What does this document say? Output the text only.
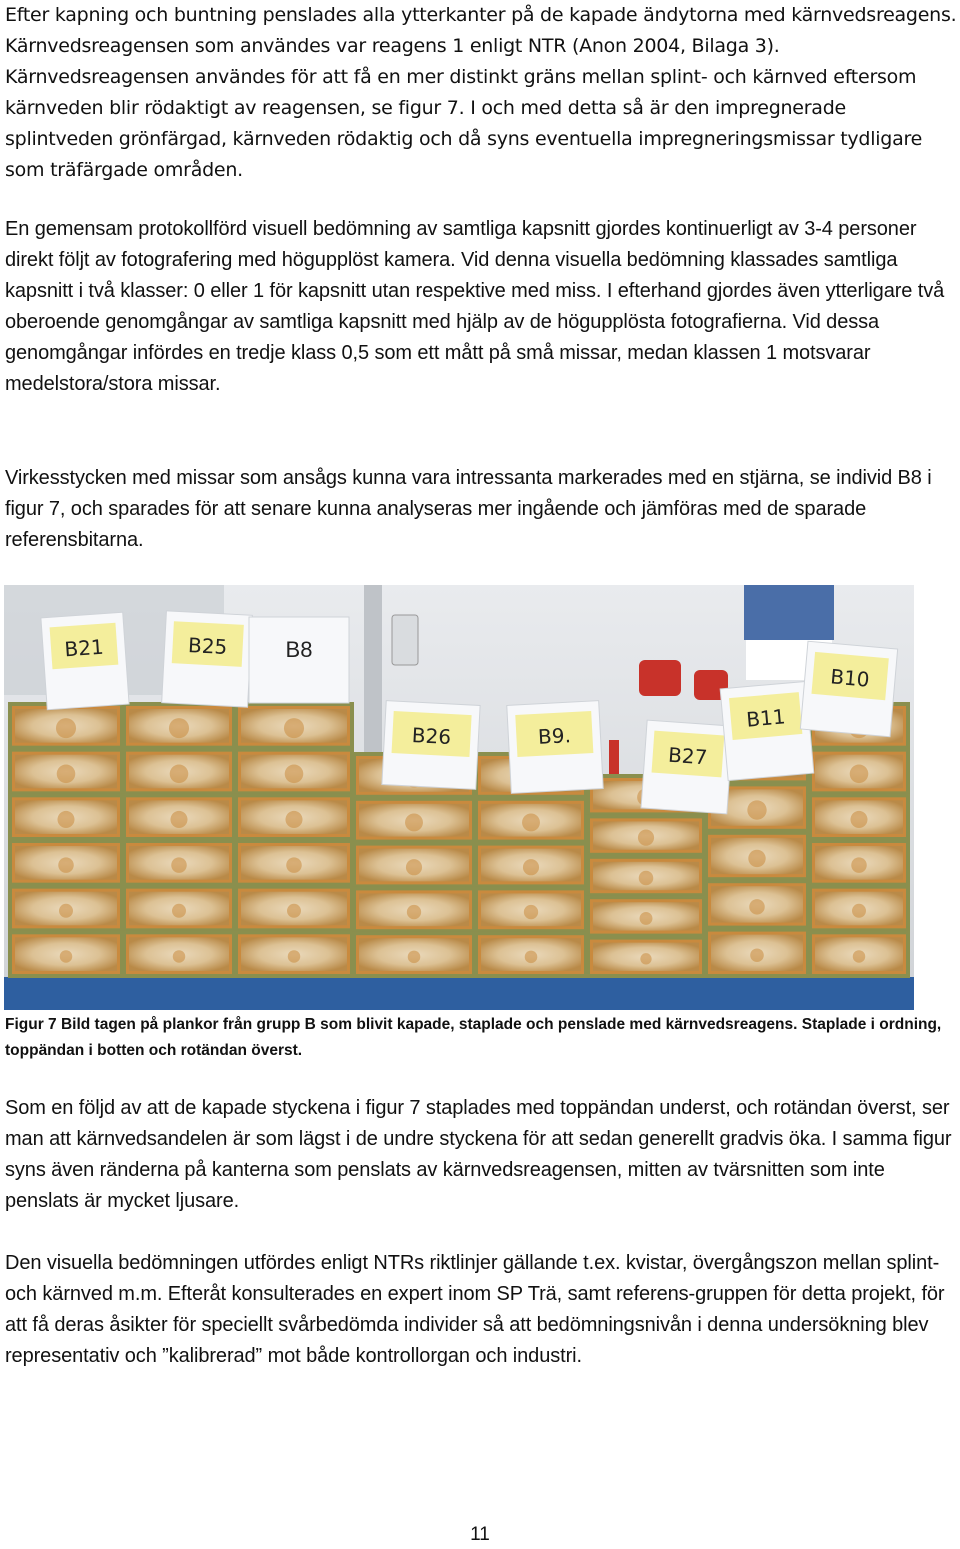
Efter kapning och buntning penslades alla ytterkanter på de kapade ändytorna med kärnvedsreagens. Kärnvedsreagensen som användes var reagens 1 enligt NTR (Anon 2004, Bilaga 3). Kärnvedsreagensen användes för att få en mer distinkt gräns mellan splint- och kärnved eftersom kärnveden blir rödaktigt av reagensen, se figur 7. I och med detta så är den impregnerade splintveden grönfärgad, kärnveden rödaktig och då syns eventuella impregneringsmissar tydligare som träfärgade områden.

En gemensam protokollförd visuell bedömning av samtliga kapsnitt gjordes kontinuerligt av 3-4 personer direkt följt av fotografering med högupplöst kamera. Vid denna visuella bedömning klassades samtliga kapsnitt i två klasser: 0 eller 1 för kapsnitt utan respektive med miss. I efterhand gjordes även ytterligare två oberoende genomgångar av samtliga kapsnitt med hjälp av de högupplösta fotografierna. Vid dessa genomgångar infördes en tredje klass 0,5 som ett mått på små missar, medan klassen 1 motsvarar medelstora/stora missar.

Virkesstycken med missar som ansågs kunna vara intressanta markerades med en stjärna, se individ B8 i figur 7, och sparades för att senare kunna analyseras mer ingående och jämföras med de sparade referensbitarna.

B21	B25	B8
B26	B9.
B27
B11
B10

Figur 7 Bild tagen på plankor från grupp B som blivit kapade, staplade och penslade med kärnvedsreagens. Staplade i ordning, toppändan i botten och rotändan överst.

Som en följd av att de kapade styckena i figur 7 staplades med toppändan underst, och rotändan överst, ser man att kärnvedsandelen är som lägst i de undre styckena för att sedan generellt gradvis öka. I samma figur syns även ränderna på kanterna som penslats av kärnvedsreagensen, mitten av tvärsnitten som inte penslats är mycket ljusare.

Den visuella bedömningen utfördes enligt NTRs riktlinjer gällande t.ex. kvistar, övergångszon mellan splint- och kärnved m.m. Efteråt konsulterades en expert inom SP Trä, samt referens-gruppen för detta projekt, för att få deras åsikter för speciellt svårbedömda individer så att bedömningsnivån i denna undersökning blev representativ och ”kalibrerad” mot både kontrollorgan och industri.

11
